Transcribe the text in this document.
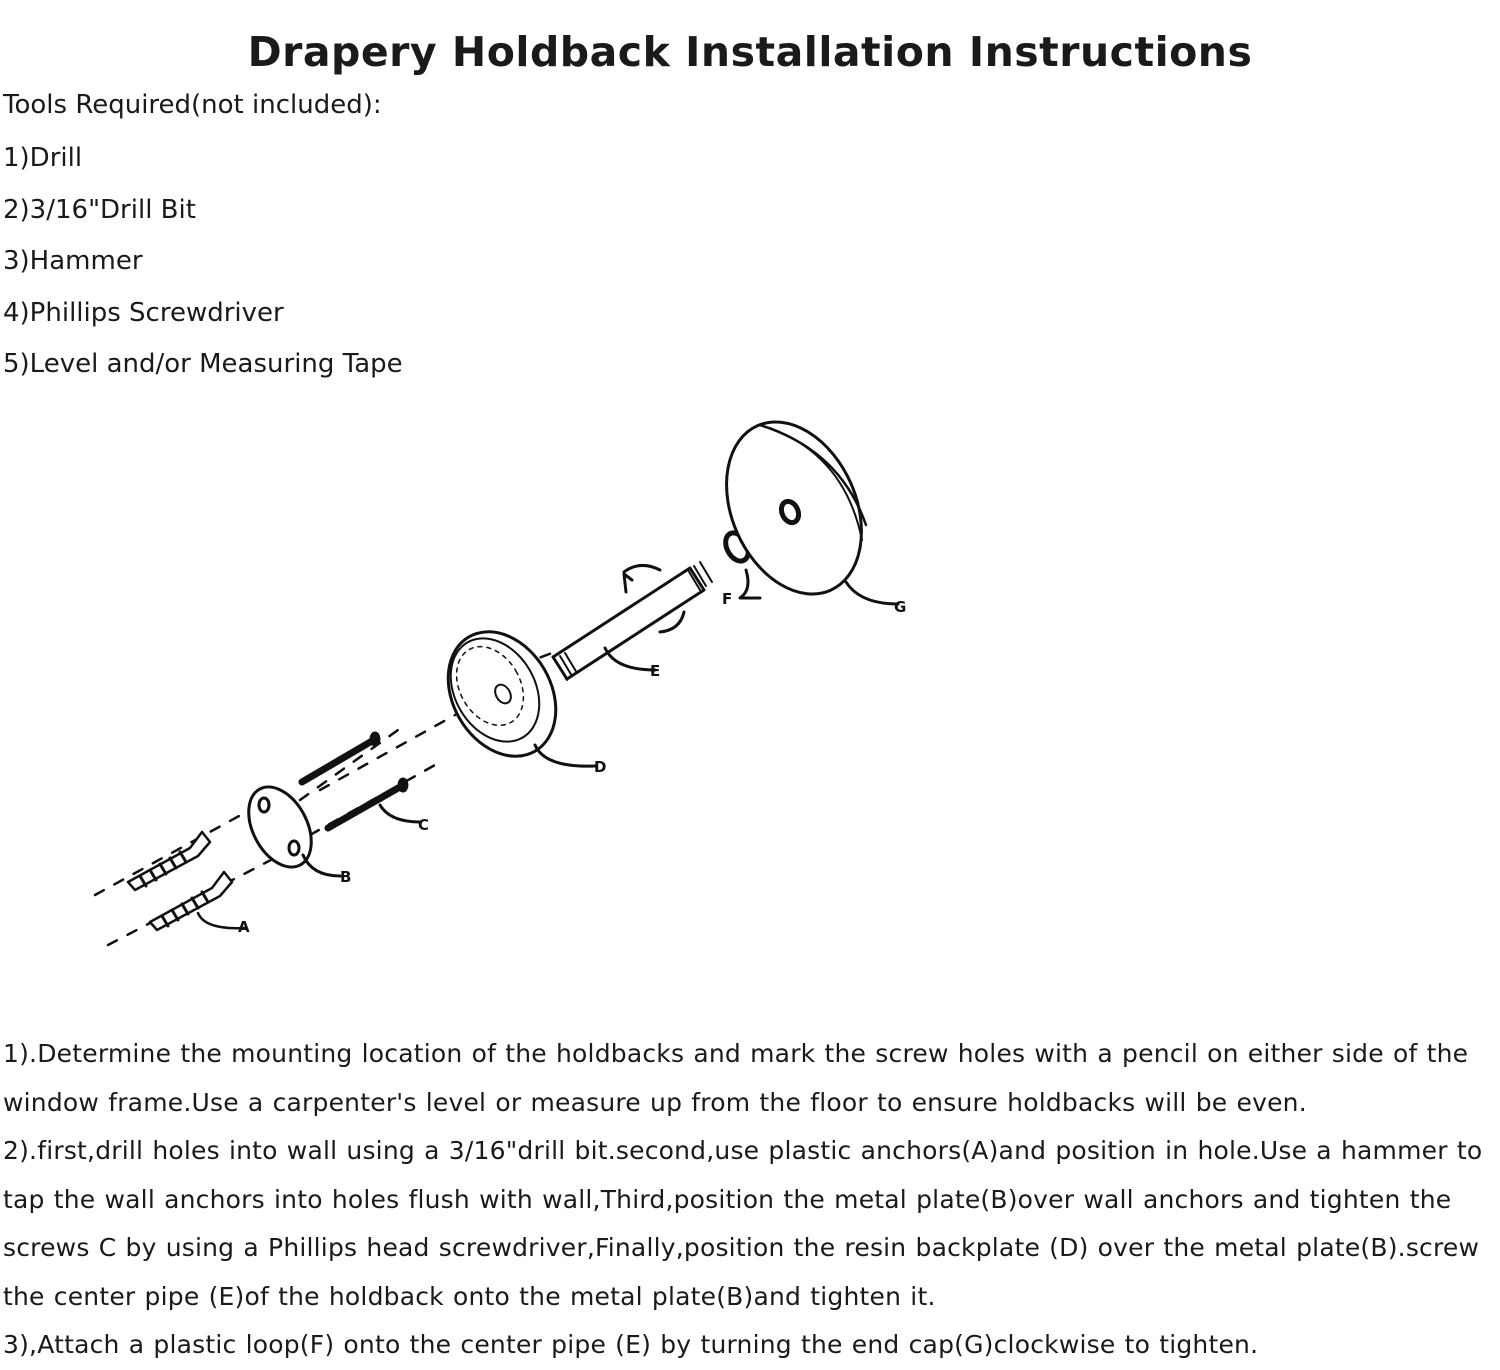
Drapery Holdback Installation Instructions

Tools Required(not included):

1)Drill
2)3/16"Drill Bit
3)Hammer
4)Phillips Screwdriver
5)Level and/or Measuring Tape
A
B
C
D
E
F	G

1).Determine the mounting location of the holdbacks and mark the screw holes with a pencil on either side of the window frame.Use a carpenter's level or measure up from the floor to ensure holdbacks will be even.

2).first,drill holes into wall using a 3/16"drill bit.second,use plastic anchors(A)and position in hole.Use a hammer to tap the wall anchors into holes flush with wall,Third,position the metal plate(B)over wall anchors and tighten the screws C by using a Phillips head screwdriver,Finally,position the resin backplate (D) over the metal plate(B).screw the center pipe (E)of the holdback onto the metal plate(B)and tighten it.

3),Attach a plastic loop(F) onto the center pipe (E) by turning the end cap(G)clockwise to tighten.
